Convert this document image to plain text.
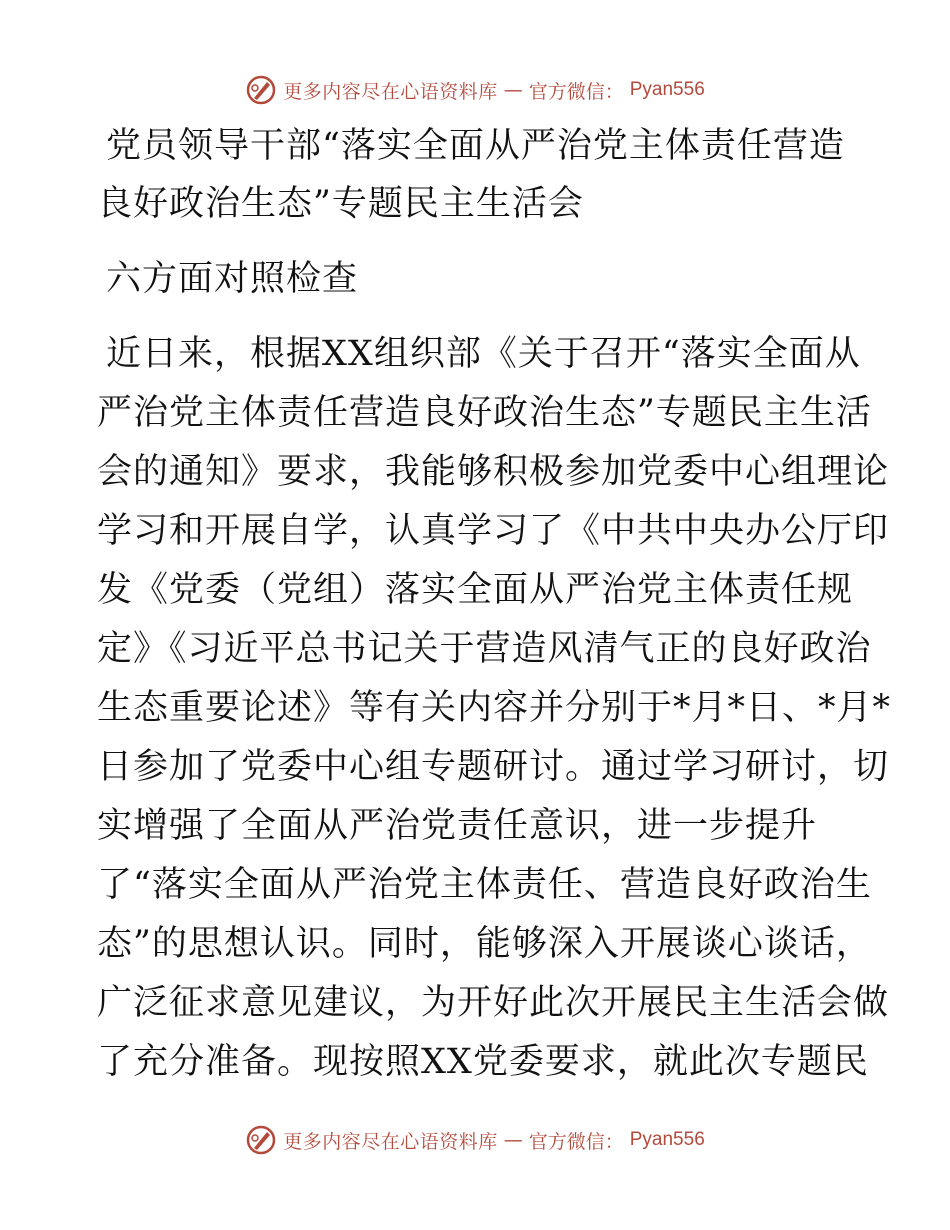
更多内容尽在心语资料库 — 官方微信： Pyan556
党员领导干部“落实全面从严治党主体责任营造
良好政治生态”专题民主生活会
六方面对照检查
近日来，根据XX组织部《关于召开“落实全面从
严治党主体责任营造良好政治生态”专题民主生活
会的通知》要求，我能够积极参加党委中心组理论
学习和开展自学，认真学习了《中共中央办公厅印
发《党委（党组）落实全面从严治党主体责任规
定》《习近平总书记关于营造风清气正的良好政治
生态重要论述》等有关内容并分别于*月*日、*月*
日参加了党委中心组专题研讨。通过学习研讨，切
实增强了全面从严治党责任意识，进一步提升
了“落实全面从严治党主体责任、营造良好政治生
态”的思想认识。同时，能够深入开展谈心谈话，
广泛征求意见建议，为开好此次开展民主生活会做
了充分准备。现按照XX党委要求，就此次专题民
更多内容尽在心语资料库 — 官方微信： Pyan556
